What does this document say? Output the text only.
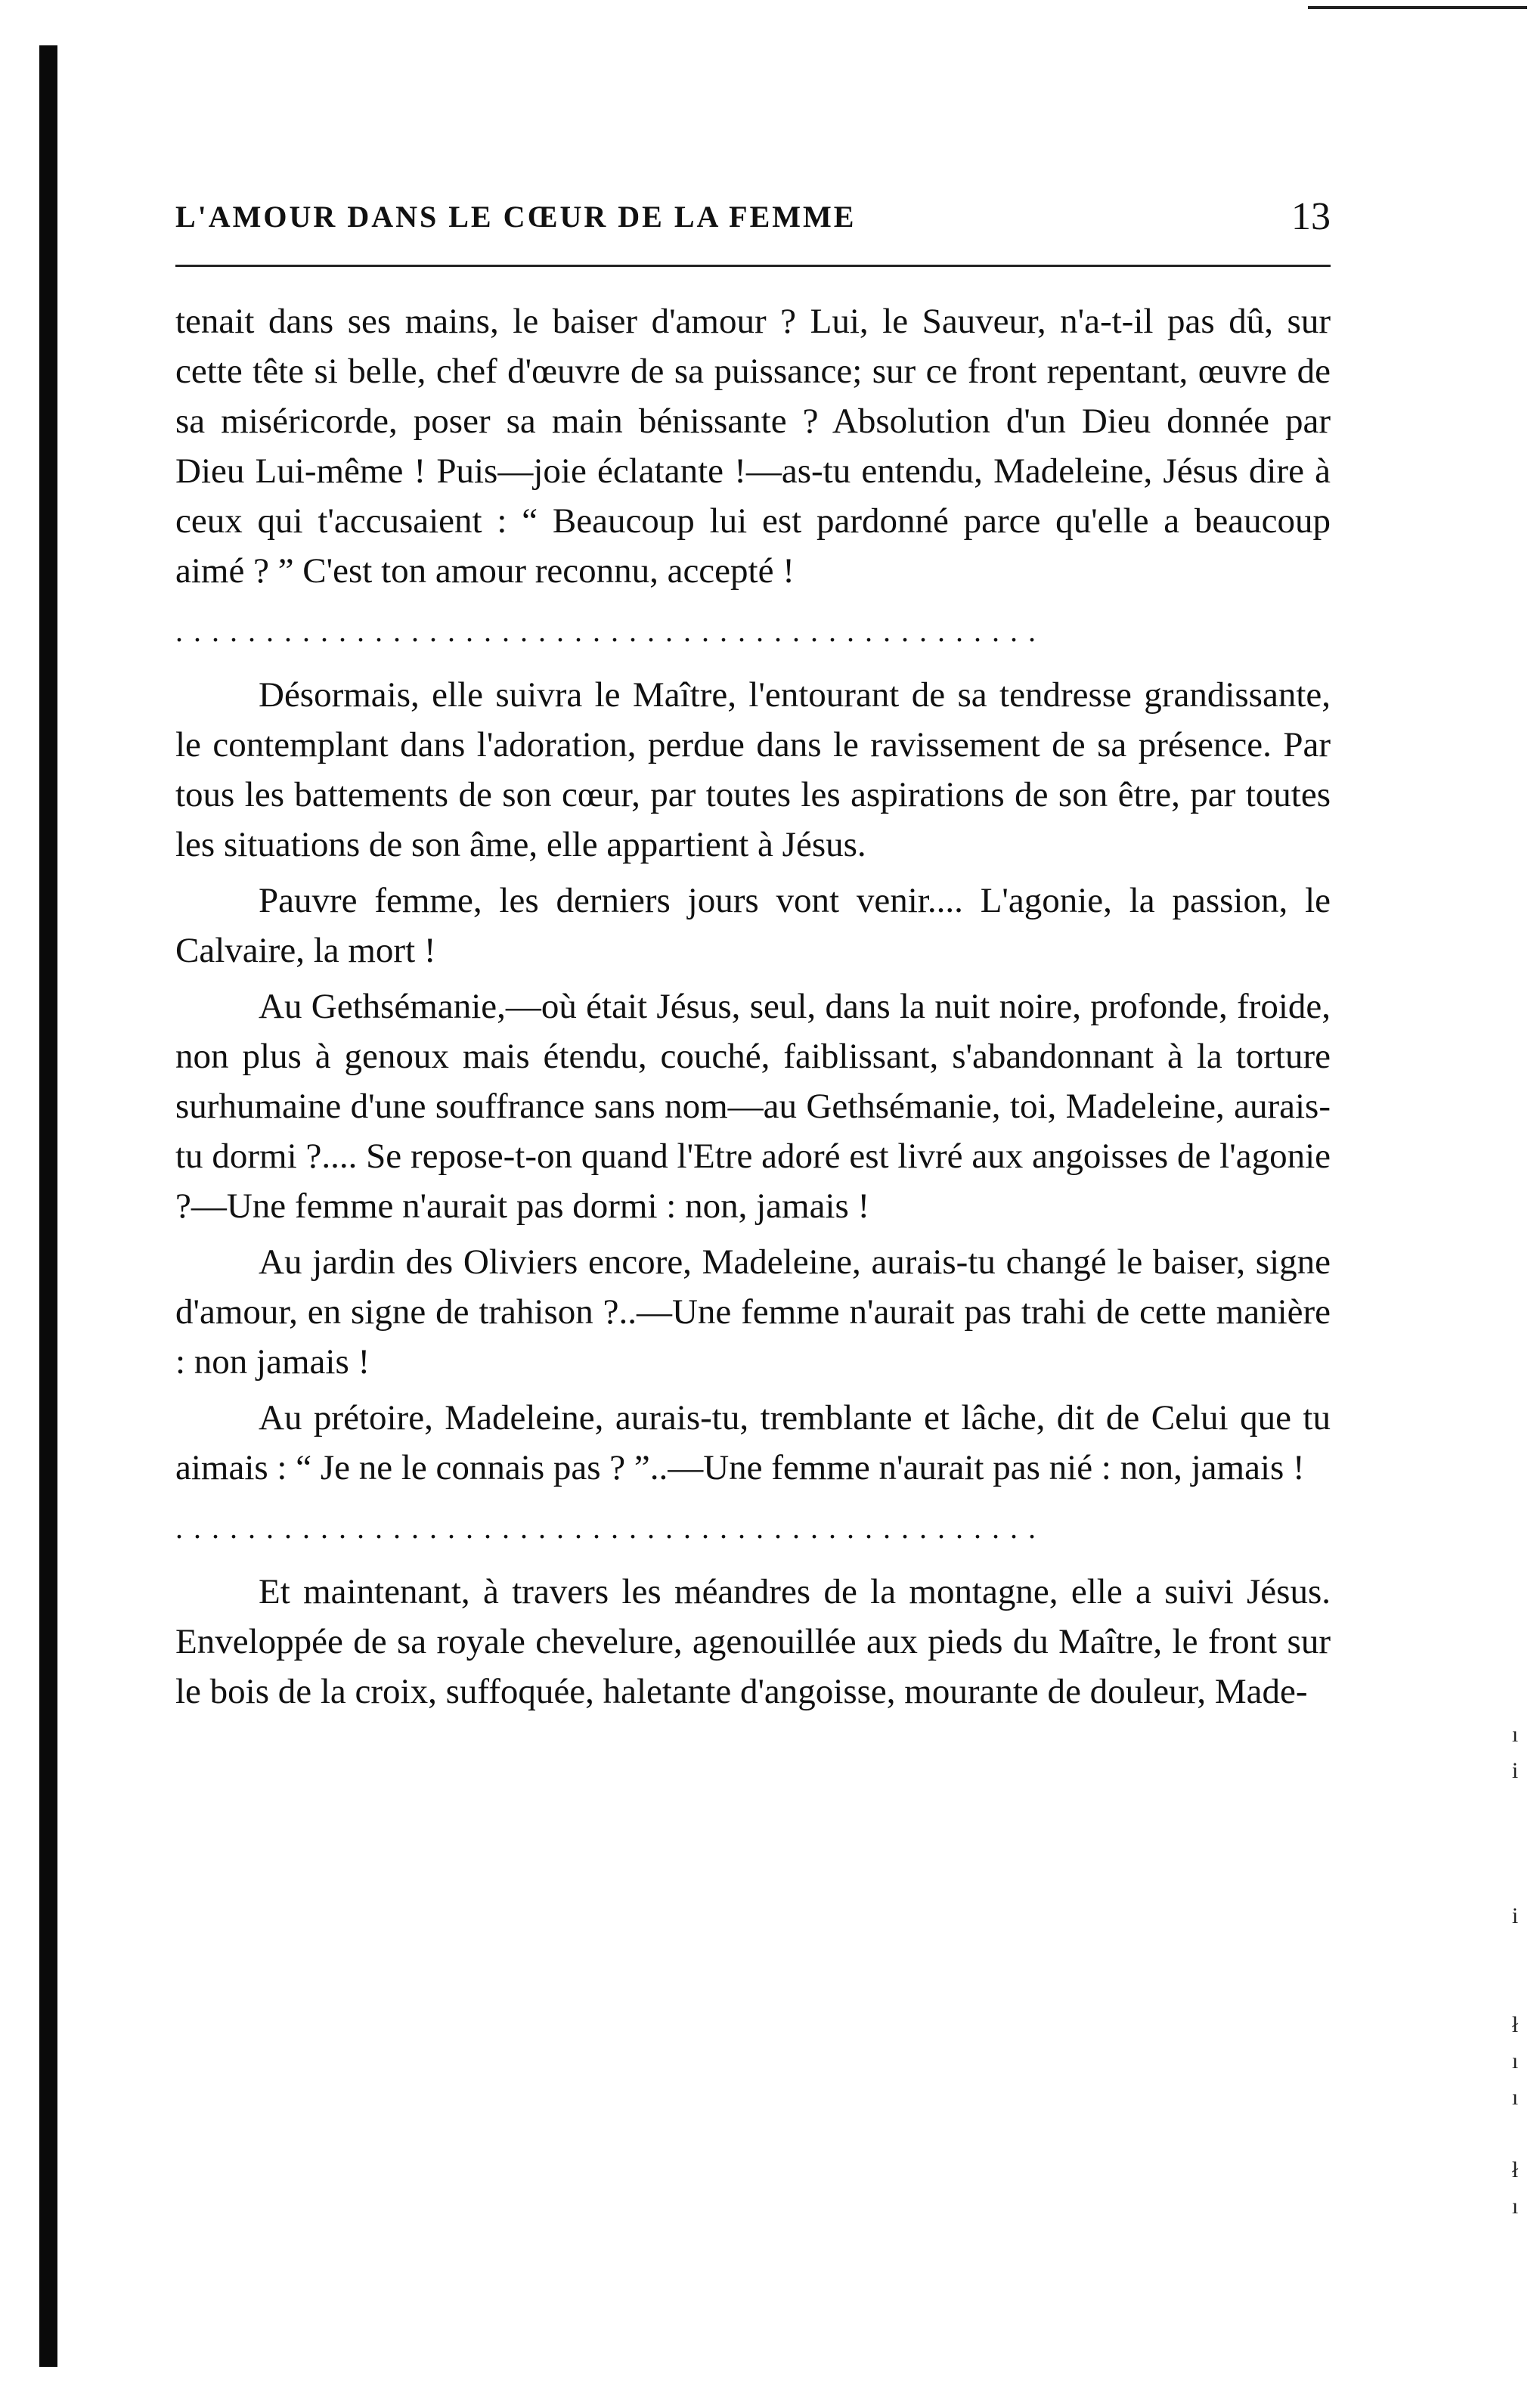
L'AMOUR DANS LE CŒUR DE LA FEMME	13

tenait dans ses mains, le baiser d'amour ? Lui, le Sauveur, n'a-t-il pas dû, sur cette tête si belle, chef d'œuvre de sa puissance; sur ce front repentant, œuvre de sa miséricorde, poser sa main bénissante ? Absolution d'un Dieu donnée par Dieu Lui-même ! Puis—joie éclatante !—as-tu entendu, Madeleine, Jésus dire à ceux qui t'accusaient : “ Beaucoup lui est pardonné parce qu'elle a beaucoup aimé ? ” C'est ton amour reconnu, accepté !

................................................

Désormais, elle suivra le Maître, l'entourant de sa tendresse grandissante, le contemplant dans l'adoration, perdue dans le ravissement de sa présence. Par tous les battements de son cœur, par toutes les aspirations de son être, par toutes les situations de son âme, elle appartient à Jésus.

Pauvre femme, les derniers jours vont venir.... L'agonie, la passion, le Calvaire, la mort !

Au Gethsémanie,—où était Jésus, seul, dans la nuit noire, profonde, froide, non plus à genoux mais étendu, couché, faiblissant, s'abandonnant à la torture surhumaine d'une souffrance sans nom—au Gethsémanie, toi, Madeleine, aurais-tu dormi ?.... Se repose-t-on quand l'Etre adoré est livré aux angoisses de l'agonie ?—Une femme n'aurait pas dormi : non, jamais !

Au jardin des Oliviers encore, Madeleine, aurais-tu changé le baiser, signe d'amour, en signe de trahison ?..—Une femme n'aurait pas trahi de cette manière : non jamais !

Au prétoire, Madeleine, aurais-tu, tremblante et lâche, dit de Celui que tu aimais : “ Je ne le connais pas ? ”..—Une femme n'aurait pas nié : non, jamais !

................................................

Et maintenant, à travers les méandres de la montagne, elle a suivi Jésus. Enveloppée de sa royale chevelure, agenouillée aux pieds du Maître, le front sur le bois de la croix, suffoquée, haletante d'angoisse, mourante de douleur, Made-

ı
i

i

ł
ı
ı

ł
ı
